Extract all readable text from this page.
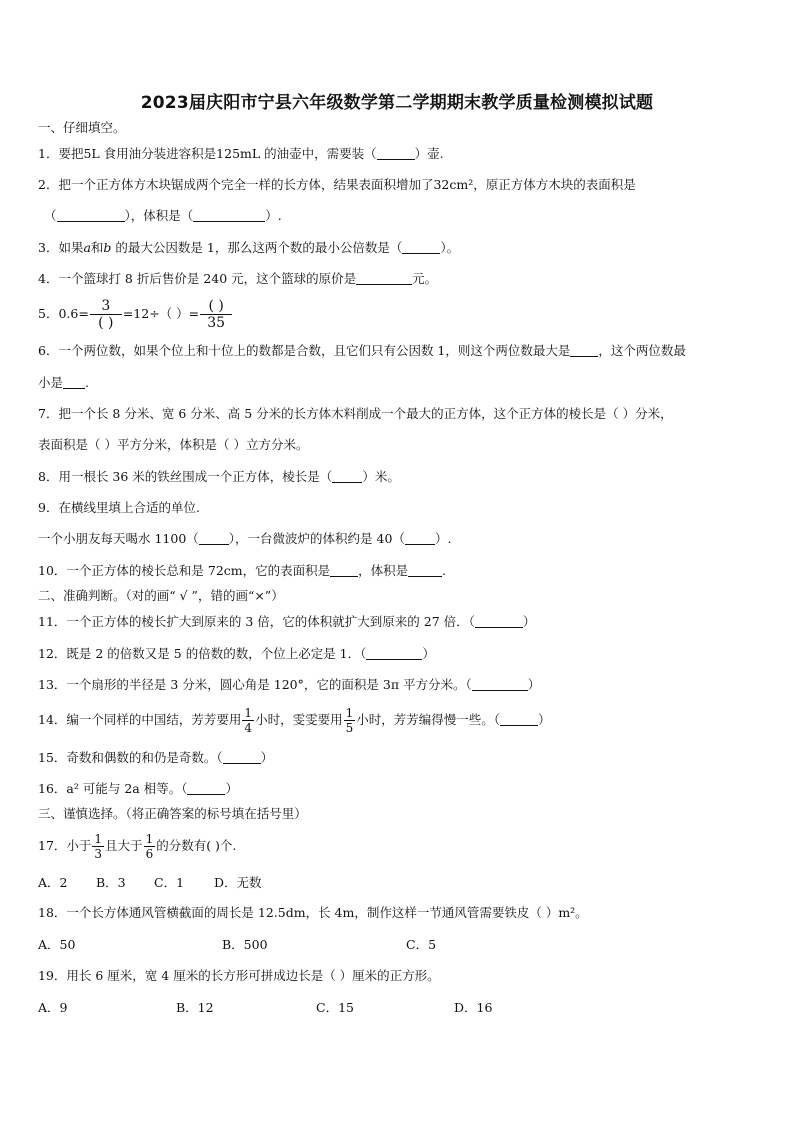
2023届庆阳市宁县六年级数学第二学期期末教学质量检测模拟试题
一、仔细填空。
1．要把5L 食用油分装进容积是125mL 的油壶中，需要装（	）壶.
2．把一个正方体方木块锯成两个完全一样的长方体，结果表面积增加了32cm²，原正方体方木块的表面积是
（	），体积是（	）.
3．如果a和b 的最大公因数是 1，那么这两个数的最小公倍数是（	）。
4．一个篮球打 8 折后售价是 240 元，这个篮球的原价是	元。
5．$0.6= \frac{3}{( )} =12\div$（ ）= $\frac{( )}{35}$
6．一个两位数，如果个位上和十位上的数都是合数，且它们只有公因数 1，则这个两位数最大是 ，这个两位数最
小是 .
7．把一个长 8 分米、宽 6 分米、高 5 分米的长方体木料削成一个最大的正方体，这个正方体的棱长是（ ）分米，
表面积是（ ）平方分米，体积是（ ）立方分米。
8．用一根长 36 米的铁丝围成一个正方体，棱长是（ ）米。
9．在横线里填上合适的单位.
一个小朋友每天喝水 1100（ ），一台微波炉的体积约是 40（ ）.
10．一个正方体的棱长总和是 72cm，它的表面积是 ，体积是	.
二、准确判断。（对的画“ √ ”，错的画“×”）
11．一个正方体的棱长扩大到原来的 3 倍，它的体积就扩大到原来的 27 倍．（	）
12．既是 2 的倍数又是 5 的倍数的数，个位上必定是 1．（	）
13．一个扇形的半径是 3 分米，圆心角是 120°，它的面积是 3π 平方分米。（	）
14．编一个同样的中国结，芳芳要用 $\frac{1}{4}$ 小时，雯雯要用 $\frac{1}{5}$ 小时，芳芳编得慢一些。（	）
15．奇数和偶数的和仍是奇数。（	）
16．a² 可能与 2a 相等。（	）
三、谨慎选择。（将正确答案的标号填在括号里）
17．小于 $\frac{1}{3}$ 且大于 $\frac{1}{6}$ 的分数有( )个.
A．2 B．3 C．1 D．无数
18．一个长方体通风管横截面的周长是 12.5dm，长 4m，制作这样一节通风管需要铁皮（ ）m²。
A．50	B．500	C．5
19．用长 6 厘米，宽 4 厘米的长方形可拼成边长是（ ）厘米的正方形。
A．9	B．12	C．15	D．16
